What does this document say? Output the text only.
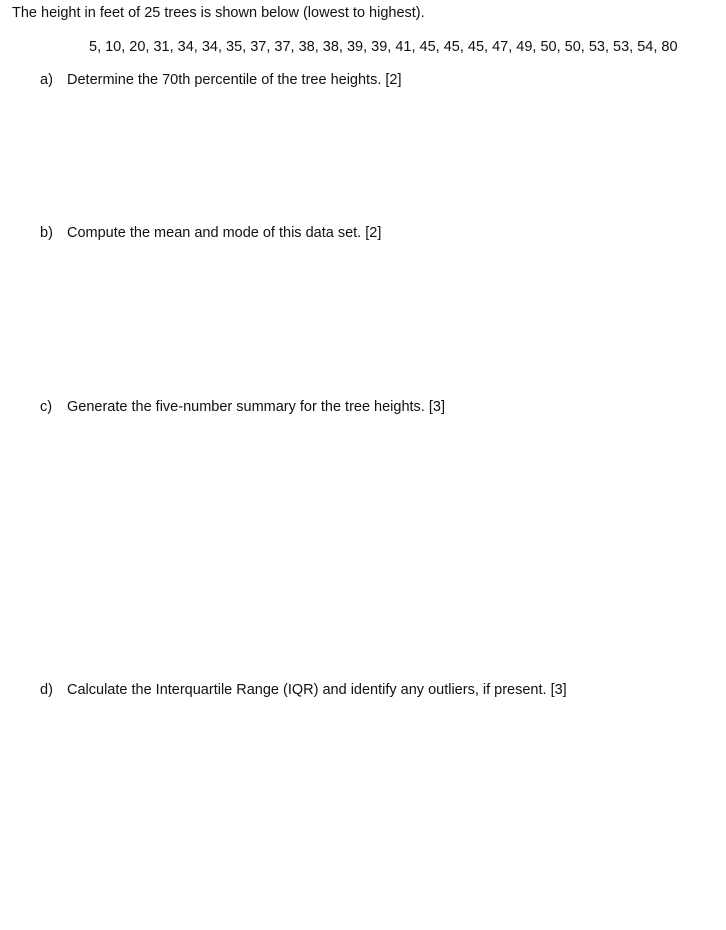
The height in feet of 25 trees is shown below (lowest to highest).
5, 10, 20, 31, 34, 34, 35, 37, 37, 38, 38, 39, 39, 41, 45, 45, 45, 47, 49, 50, 50, 53, 53, 54, 80
a) Determine the 70th percentile of the tree heights. [2]
b) Compute the mean and mode of this data set. [2]
c)	Generate the five-number summary for the tree heights. [3]
d) Calculate the Interquartile Range (IQR) and identify any outliers, if present. [3]
